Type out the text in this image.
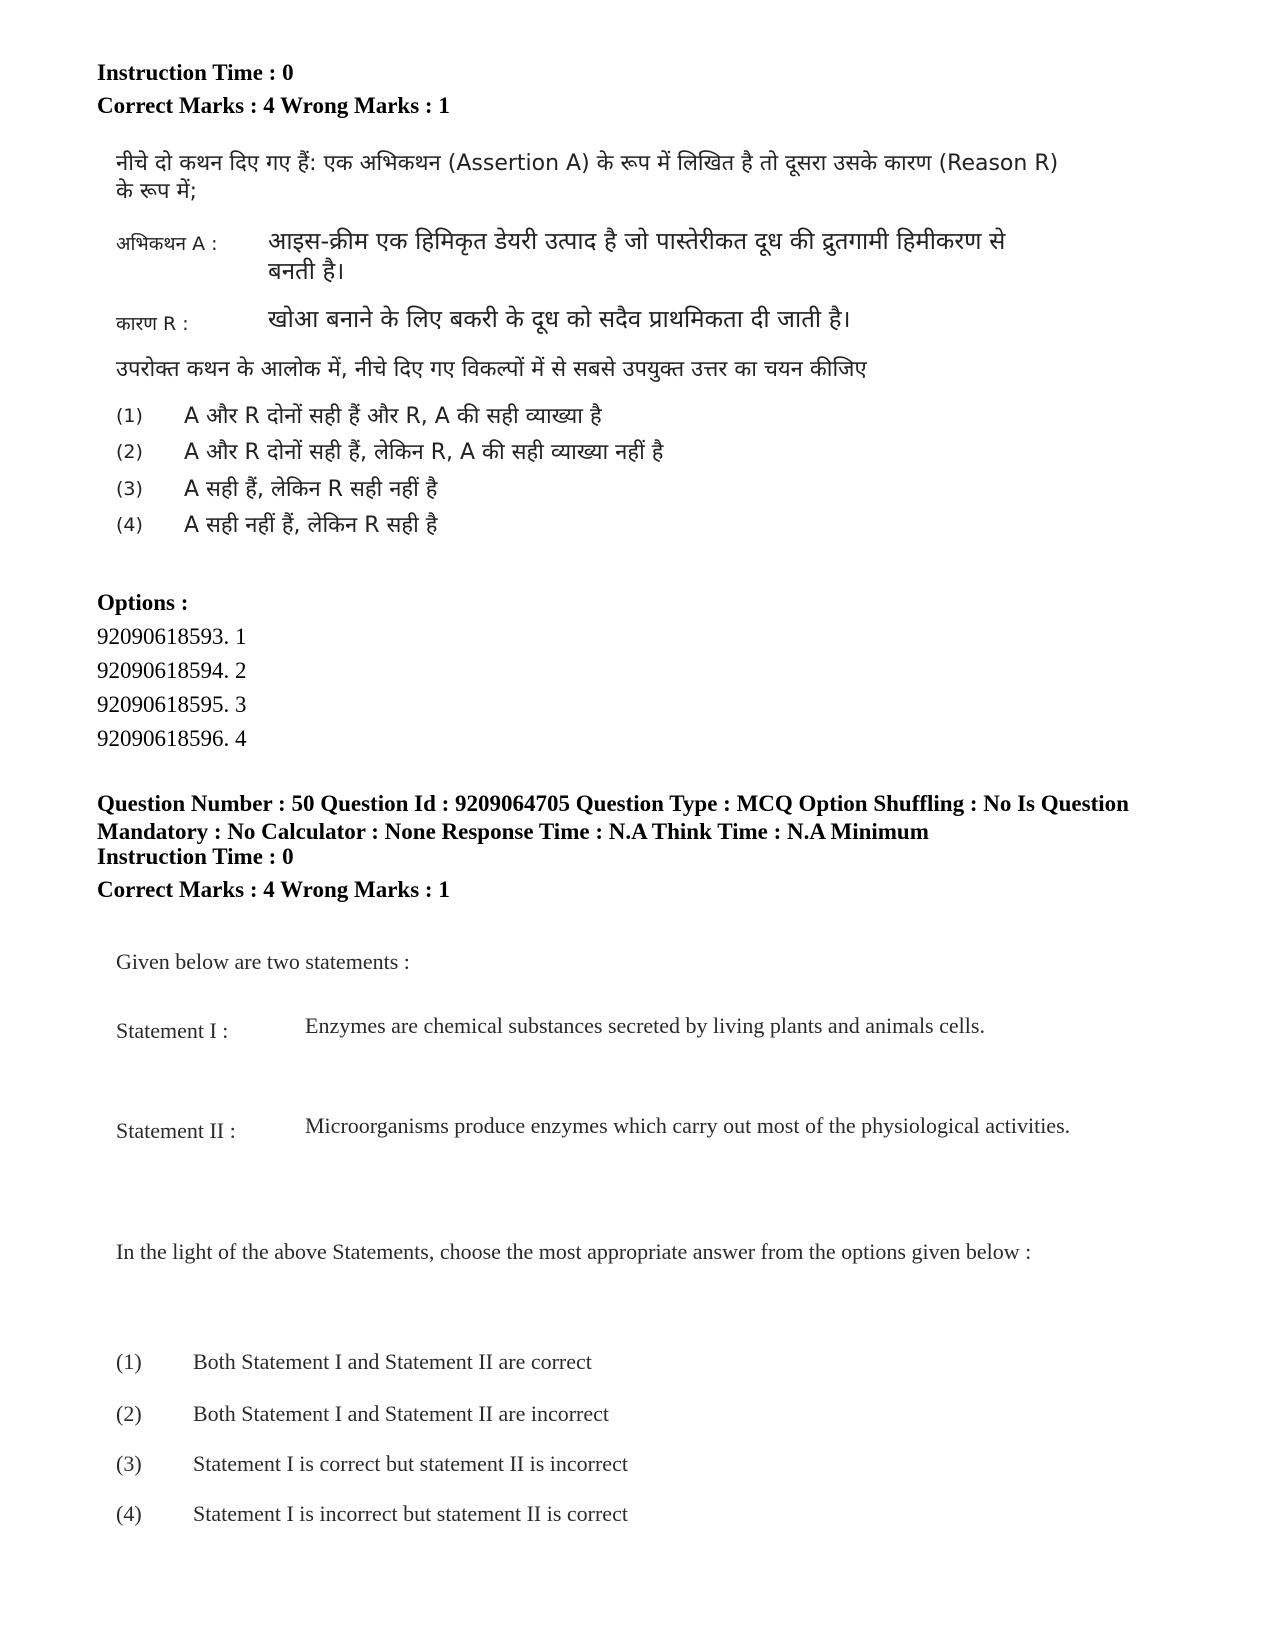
Instruction Time : 0
Correct Marks : 4 Wrong Marks : 1
नीचे दो कथन दिए गए हैं: एक अभिकथन (Assertion A) के रूप में लिखित है तो दूसरा उसके कारण (Reason R) के रूप में;
अभिकथन A : आइस-क्रीम एक हिमिकृत डेयरी उत्पाद है जो पास्तेरीकत दूध की द्रुतगामी हिमीकरण से बनती है।
कारण R :	खोआ बनाने के लिए बकरी के दूध को सदैव प्राथमिकता दी जाती है।
उपरोक्त कथन के आलोक में, नीचे दिए गए विकल्पों में से सबसे उपयुक्त उत्तर का चयन कीजिए
(1) A और R दोनों सही हैं और R, A की सही व्याख्या है
(2) A और R दोनों सही हैं, लेकिन R, A की सही व्याख्या नहीं है
(3) A सही हैं, लेकिन R सही नहीं है
(4) A सही नहीं हैं, लेकिन R सही है
Options :
92090618593. 1
92090618594. 2
92090618595. 3
92090618596. 4
Question Number : 50 Question Id : 9209064705 Question Type : MCQ Option Shuffling : No Is Question Mandatory : No Calculator : None Response Time : N.A Think Time : N.A Minimum
Instruction Time : 0
Correct Marks : 4 Wrong Marks : 1
Given below are two statements :
Statement I :	Enzymes are chemical substances secreted by living plants and animals cells.
Statement II :	Microorganisms produce enzymes which carry out most of the physiological activities.
In the light of the above Statements, choose the most appropriate answer from the options given below :
(1) Both Statement I and Statement II are correct
(2) Both Statement I and Statement II are incorrect
(3) Statement I is correct but statement II is incorrect
(4) Statement I is incorrect but statement II is correct
